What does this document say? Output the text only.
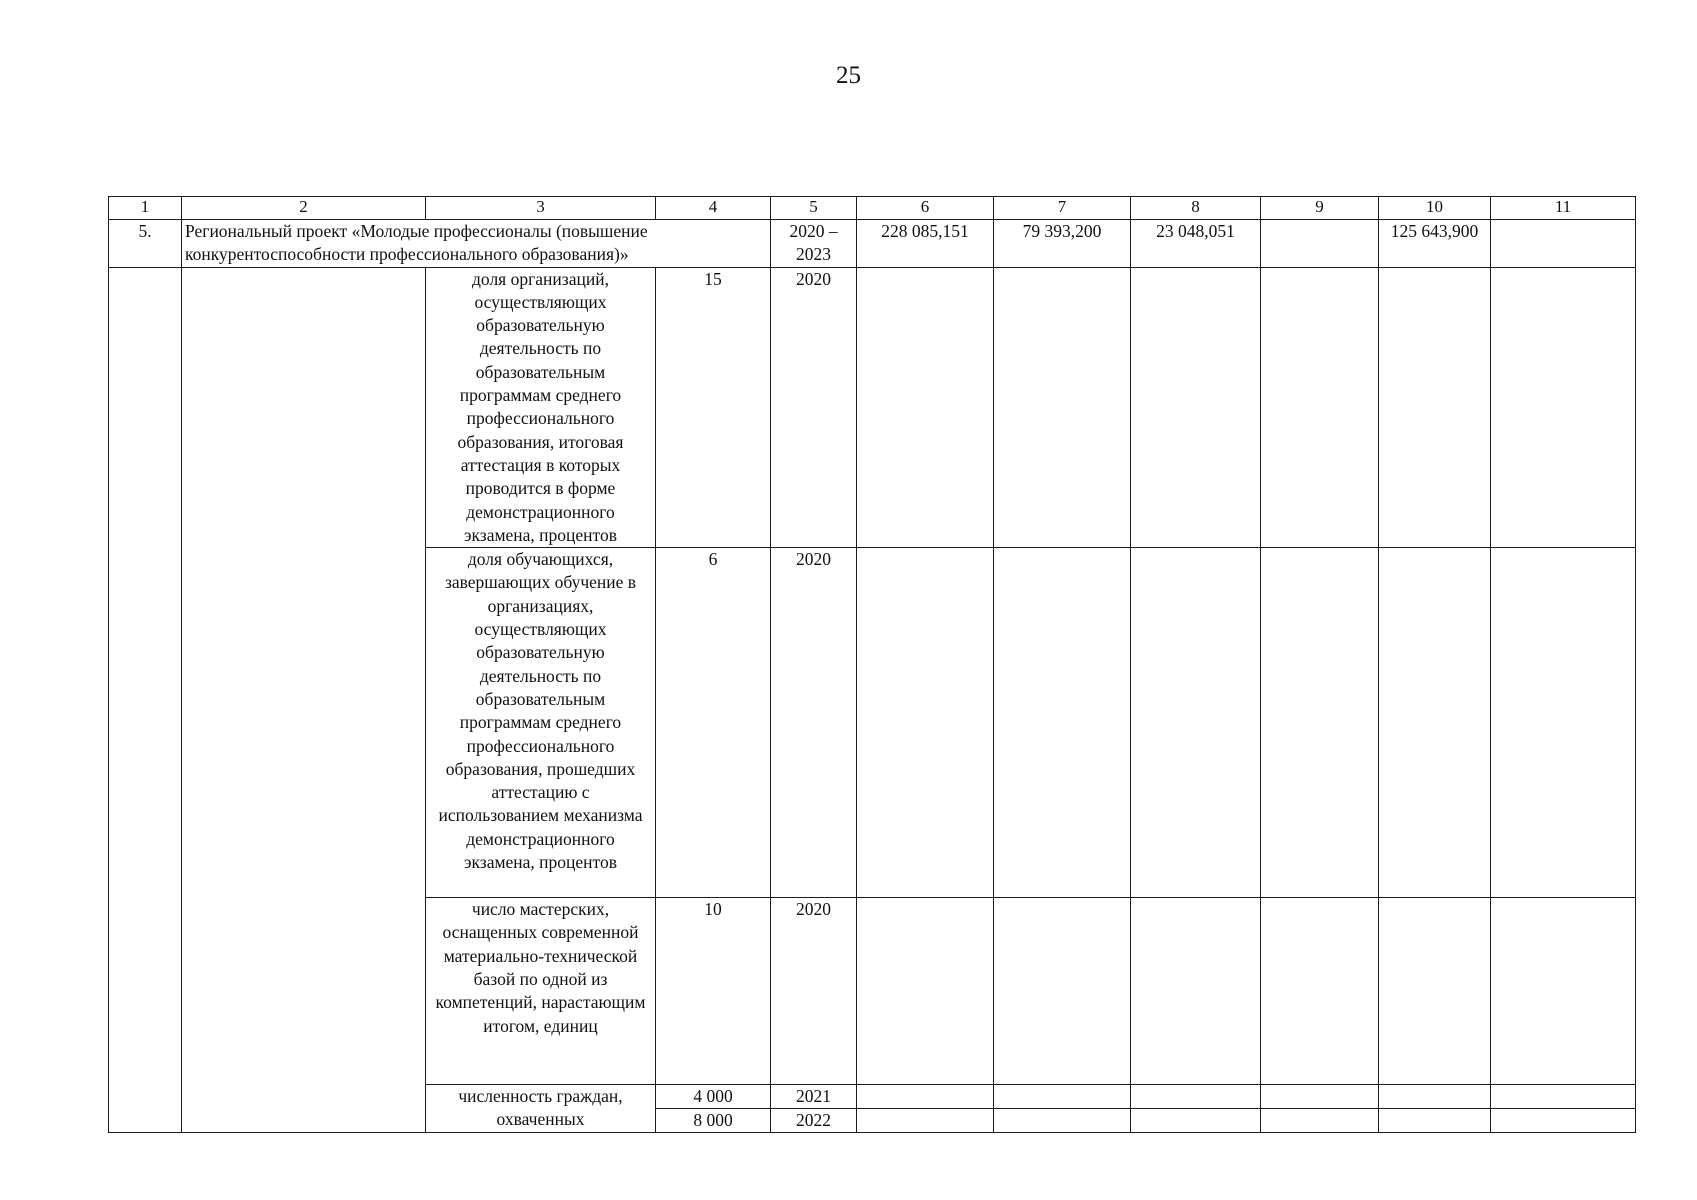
25
1	2	3	4	5	6	7	8	9	10	11
5.	Региональный проект «Молодые профессионалы (повышение конкурентоспособности профессионального образования)»			2020 – 2023	228 085,151	79 393,200	23 048,051		125 643,900	
		доля организаций, осуществляющих образовательную деятельность по образовательным программам среднего профессионального образования, итоговая аттестация в которых проводится в форме демонстрационного экзамена, процентов	15	2020						
		доля обучающихся, завершающих обучение в организациях, осуществляющих образовательную деятельность по образовательным программам среднего профессионального образования, прошедших аттестацию с использованием механизма демонстрационного экзамена, процентов	6	2020						
		число мастерских, оснащенных современной материально-технической базой по одной из компетенций, нарастающим итогом, единиц	10	2020						
		численность граждан, охваченных	4 000	2021						
			8 000	2022						
